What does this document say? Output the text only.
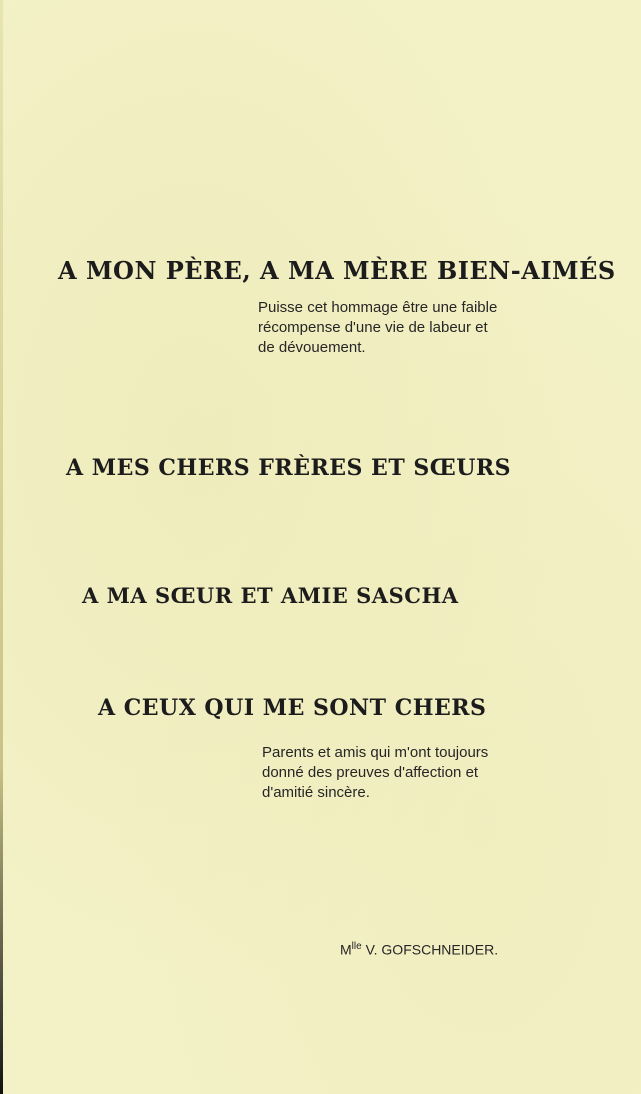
A MON PÈRE, A MA MÈRE BIEN-AIMÉS
Puisse cet hommage être une faible
récompense d'une vie de labeur et
de dévouement.
A MES CHERS FRÈRES ET SŒURS
A MA SŒUR ET AMIE SASCHA
A CEUX QUI ME SONT CHERS
Parents et amis qui m'ont toujours
donné des preuves d'affection et
d'amitié sincère.
$M^{lle}$ V. GOFSCHNEIDER.
